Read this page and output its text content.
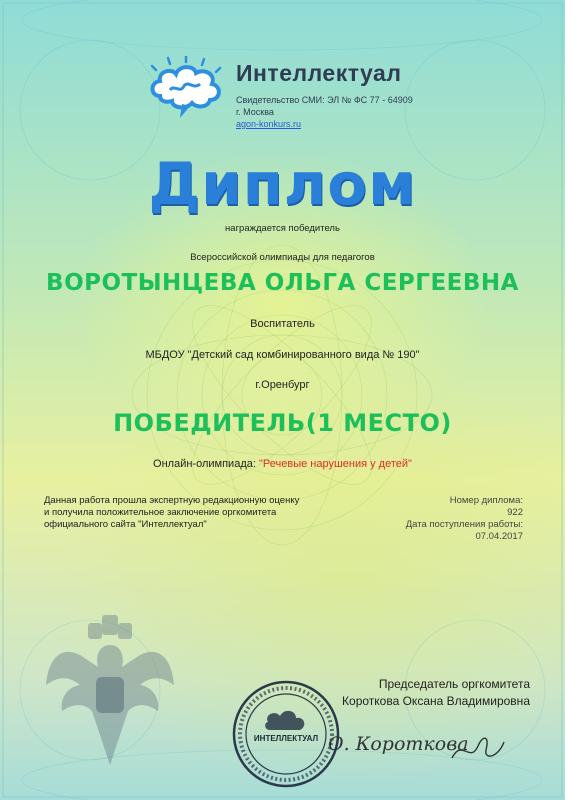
Интеллектуал
Свидетельство СМИ: ЭЛ № ФС 77 - 64909
г. Москва
agon-konkurs.ru
Диплом
награждается победитель
Всероссийской олимпиады для педагогов
ВОРОТЫНЦЕВА ОЛЬГА СЕРГЕЕВНА
Воспитатель
МБДОУ "Детский сад комбинированного вида № 190"
г.Оренбург
ПОБЕДИТЕЛЬ(1 МЕСТО)
Онлайн-олимпиада: "Речевые нарушения у детей"
Данная работа прошла экспертную редакционную оценку
и получила положительное заключение оргкомитета
официального сайта "Интеллектуал"
Номер диплома:
922
Дата поступления работы:
07.04.2017
ИНТЕЛЛЕКТУАЛ
Председатель оргкомитета
Короткова Оксана Владимировна
О. Короткова
